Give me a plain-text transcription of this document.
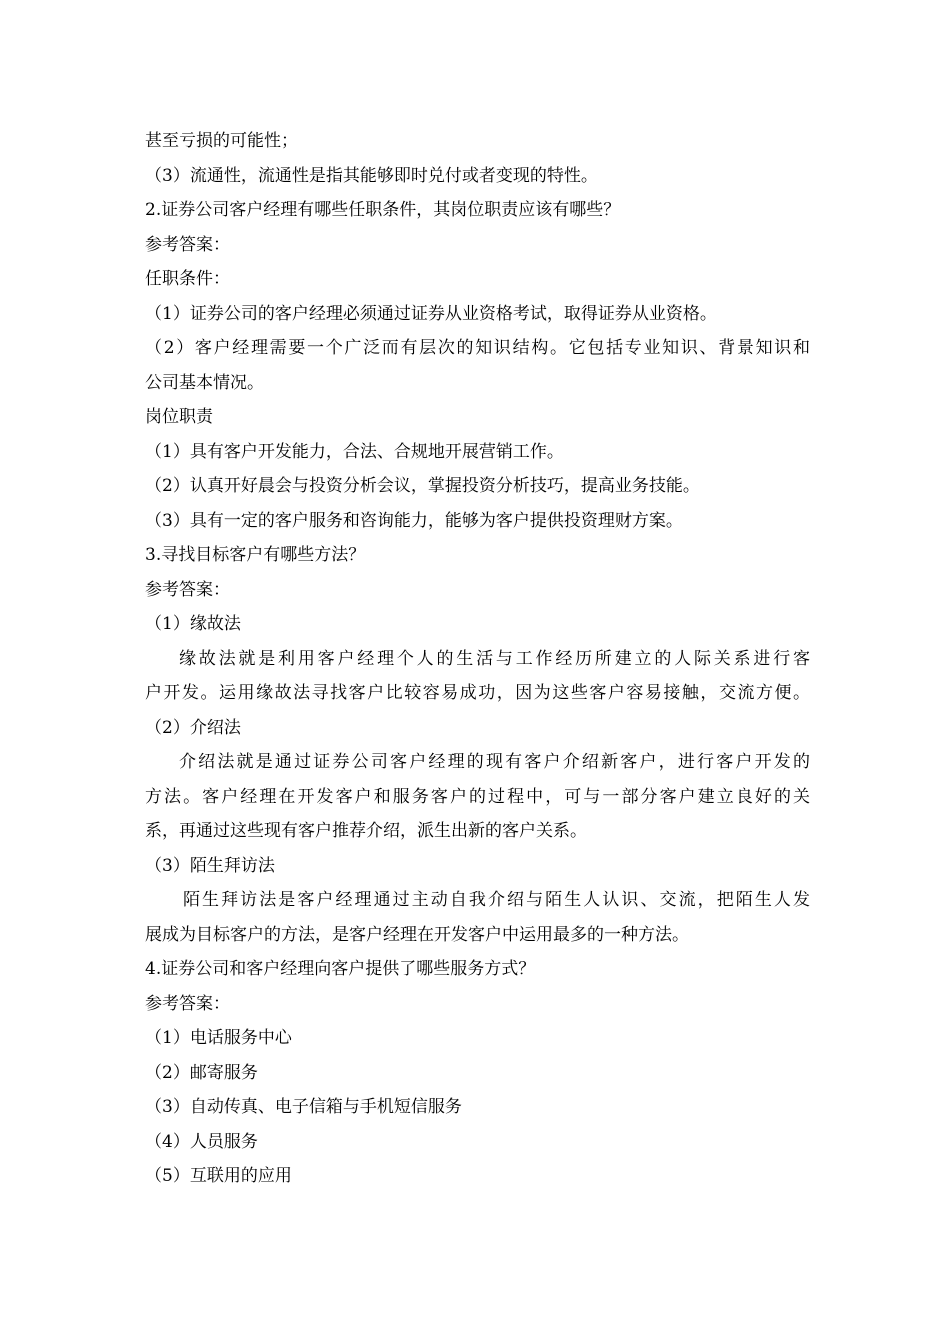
甚至亏损的可能性；
（3）流通性，流通性是指其能够即时兑付或者变现的特性。
2.证券公司客户经理有哪些任职条件，其岗位职责应该有哪些？
参考答案：
任职条件：
（1）证券公司的客户经理必须通过证券从业资格考试，取得证券从业资格。
（2）客户经理需要一个广泛而有层次的知识结构。它包括专业知识、背景知识和
公司基本情况。
岗位职责
（1）具有客户开发能力，合法、合规地开展营销工作。
（2）认真开好晨会与投资分析会议，掌握投资分析技巧，提高业务技能。
（3）具有一定的客户服务和咨询能力，能够为客户提供投资理财方案。
3.寻找目标客户有哪些方法？
参考答案：
（1）缘故法
缘故法就是利用客户经理个人的生活与工作经历所建立的人际关系进行客
户开发。运用缘故法寻找客户比较容易成功，因为这些客户容易接触，交流方便。
（2）介绍法
介绍法就是通过证券公司客户经理的现有客户介绍新客户，进行客户开发的
方法。客户经理在开发客户和服务客户的过程中，可与一部分客户建立良好的关
系，再通过这些现有客户推荐介绍，派生出新的客户关系。
（3）陌生拜访法
陌生拜访法是客户经理通过主动自我介绍与陌生人认识、交流，把陌生人发
展成为目标客户的方法，是客户经理在开发客户中运用最多的一种方法。
4.证券公司和客户经理向客户提供了哪些服务方式？
参考答案：
（1）电话服务中心
（2）邮寄服务
（3）自动传真、电子信箱与手机短信服务
（4）人员服务
（5）互联用的应用
